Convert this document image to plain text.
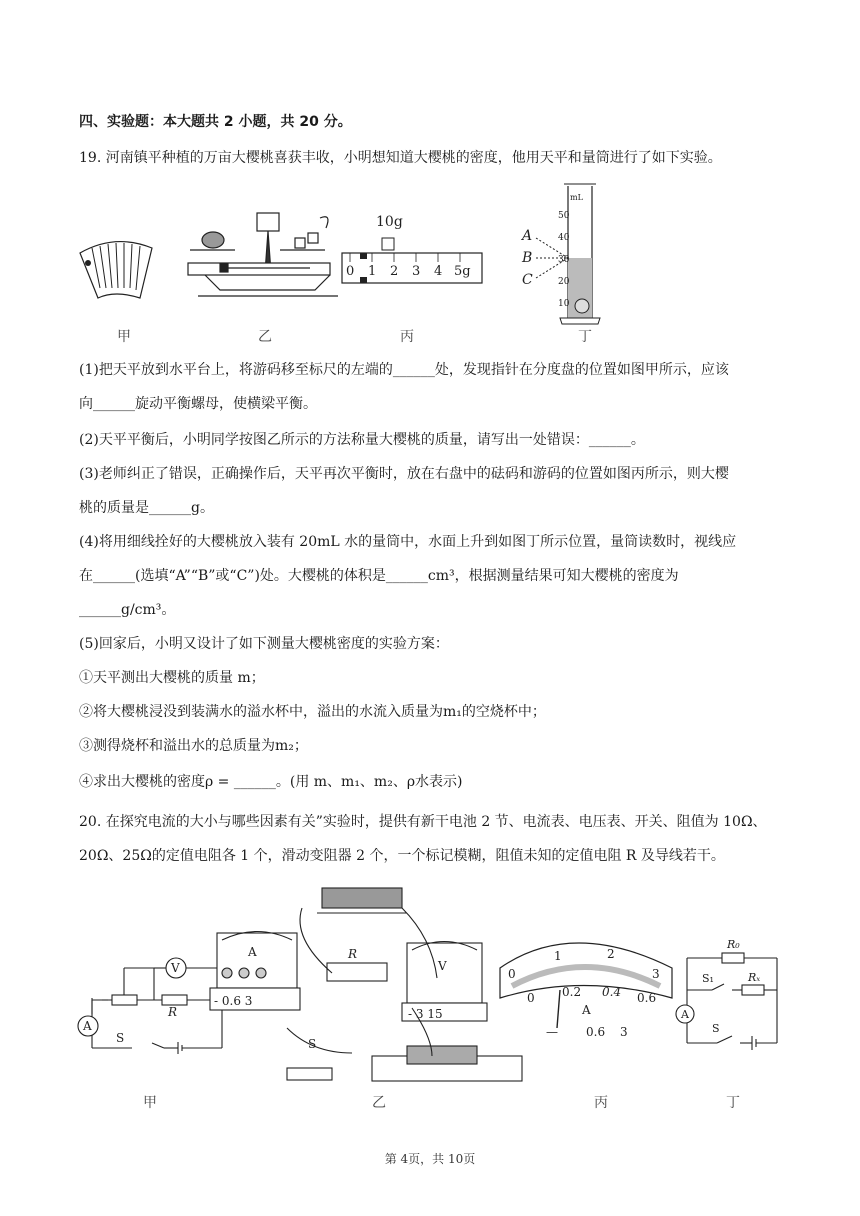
四、实验题：本大题共 2 小题，共 20 分。
19. 河南镇平种植的万亩大樱桃喜获丰收，小明想知道大樱桃的密度，他用天平和量筒进行了如下实验。
10g
0 1 2 3 4 5g
mL
50 40 30 20 10
A B C
甲	乙	丙	丁
(1)把天平放到水平台上，将游码移至标尺的左端的______处，发现指针在分度盘的位置如图甲所示，应该
向______旋动平衡螺母，使横梁平衡。
(2)天平平衡后，小明同学按图乙所示的方法称量大樱桃的质量，请写出一处错误：______。
(3)老师纠正了错误，正确操作后，天平再次平衡时，放在右盘中的砝码和游码的位置如图丙所示，则大樱
桃的质量是______g。
(4)将用细线拴好的大樱桃放入装有 20mL 水的量筒中，水面上升到如图丁所示位置，量筒读数时，视线应
在______(选填“A”“B”或“C”)处。大樱桃的体积是______cm³，根据测量结果可知大樱桃的密度为
______g/cm³。
(5)回家后，小明又设计了如下测量大樱桃密度的实验方案：
①天平测出大樱桃的质量 m；
②将大樱桃浸没到装满水的溢水杯中，溢出的水流入质量为m₁的空烧杯中；
③测得烧杯和溢出水的总质量为m₂；
④求出大樱桃的密度ρ = ______。(用 m、m₁、m₂、ρ水表示)
20. 在探究电流的大小与哪些因素有关”实验时，提供有新干电池 2 节、电流表、电压表、开关、阻值为 10Ω、
20Ω、25Ω的定值电阻各 1 个，滑动变阻器 2 个，一个标记模糊，阻值未知的定值电阻 R 及导线若干。
V A R S
A - 0.6 3 V - 3 15 R S
0 1	2 3 0 0.2 0.4 0.6 A — 0.6 3
R₀ Rₓ S₁ S A
甲	乙	丙	丁
第 4页，共 10页
